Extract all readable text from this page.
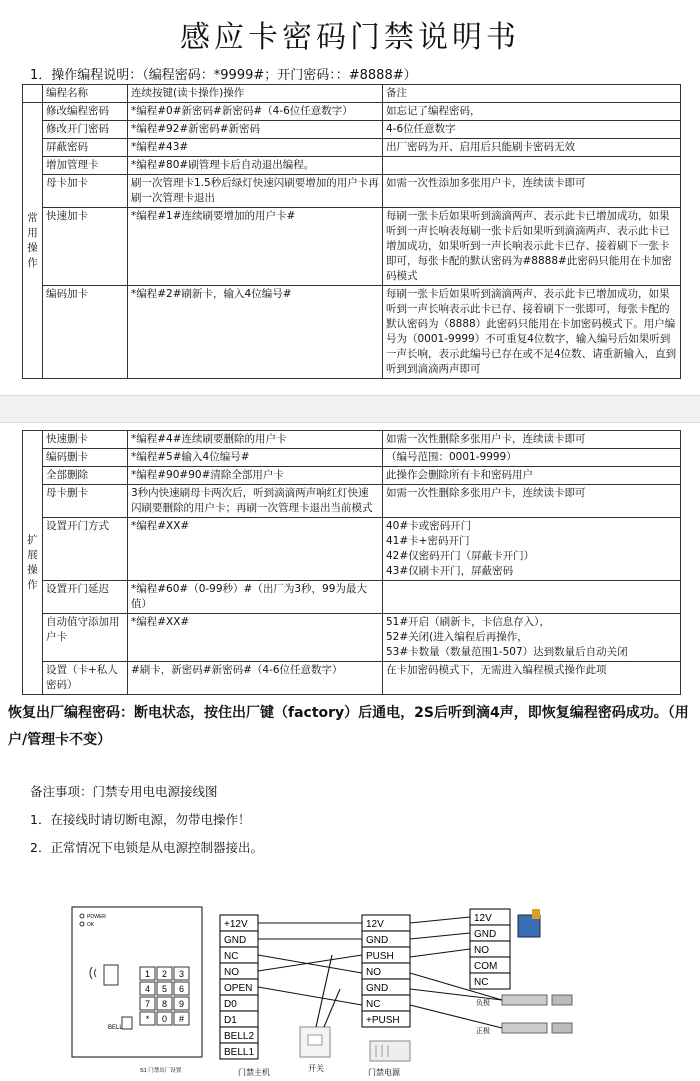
感应卡密码门禁说明书
1．操作编程说明：（编程密码：*9999#；开门密码：：#8888#）
	编程名称	连续按键(读卡操作)操作	备注
常
用
操
作	修改编程密码	*编程#0#新密码#新密码#（4-6位任意数字）	如忘记了编程密码，
	修改开门密码	*编程#92#新密码#新密码	4-6位任意数字
	屏蔽密码	*编程#43#	出厂密码为开、启用后只能刷卡密码无效
	增加管理卡	*编程#80#刷管理卡后自动退出编程。	
	母卡加卡	刷一次管理卡1.5秒后绿灯快速闪刷要增加的用户卡再刷一次管理卡退出	如需一次性添加多张用户卡，连续读卡即可
	快速加卡	*编程#1#连续刷要增加的用户卡#	每刷一张卡后如果听到滴滴两声、表示此卡已增加成功，如果听到一声长响表每刷一张卡后如果听到滴滴两声、表示此卡已增加成功，如果听到一声长响表示此卡已存、接着刷下一张卡即可，每张卡配的默认密码为#8888#此密码只能用在卡加密码模式
	编码加卡	*编程#2#刷新卡，输入4位编号#	每刷一张卡后如果听到滴滴两声、表示此卡已增加成功，如果听到一声长响表示此卡已存、接着刷下一张即可，每张卡配的默认密码为（8888）此密码只能用在卡加密码模式下。用户编号为（0001-9999）不可重复4位数字，输入编号后如果听到一声长响，表示此编号已存在或不足4位数、请重新输入，直到听到到滴滴两声即可
扩
展
操
作	快速删卡	*编程#4#连续刷要删除的用户卡	如需一次性删除多张用户卡，连续读卡即可
	编码删卡	*编程#5#输入4位编号#	（编号范围：0001-9999）
	全部删除	*编程#90#90#清除全部用户卡	此操作会删除所有卡和密码用户
	母卡删卡	3秒内快速刷母卡两次后，听到滴滴两声响红灯快速闪刷要删除的用户卡；再刷一次管理卡退出当前模式	如需一次性删除多张用户卡，连续读卡即可
	设置开门方式	*编程#XX#	40#卡或密码开门
41#卡+密码开门
42#仅密码开门（屏蔽卡开门）
43#仅刷卡开门，屏蔽密码
	设置开门延迟	*编程#60#（0-99秒）#（出厂为3秒，99为最大值）	
	自动值守添加用户卡	*编程#XX#	51#开启（刷新卡，卡信息存入），
52#关闭(进入编程后再操作，
53#卡数量（数量范围1-507）达到数量后自动关闭
	设置（卡+私人密码）	#刷卡，新密码#新密码#（4-6位任意数字）	在卡加密码模式下，无需进入编程模式操作此项
恢复出厂编程密码：断电状态，按住出厂键（factory）后通电，2S后听到滴4声，即恢复编程密码成功。（用 户/管理卡不变）
备注事项：门禁专用电电源接线图
1．在接线时请切断电源，勿带电操作！
2．正常情况下电锁是从电源控制器接出。
POWER
OK
1 2 3
4 5 6
7 8 9
* 0 #
BELL
S1 门禁出厂设置
+12V
GND
NC
NO
OPEN
D0
D1
BELL2
BELL1
门禁主机	开关
12V
GND
PUSH
NO
GND
NC
+PUSH
门禁电源
12V
GND
NO
COM
NC
负极
正极
